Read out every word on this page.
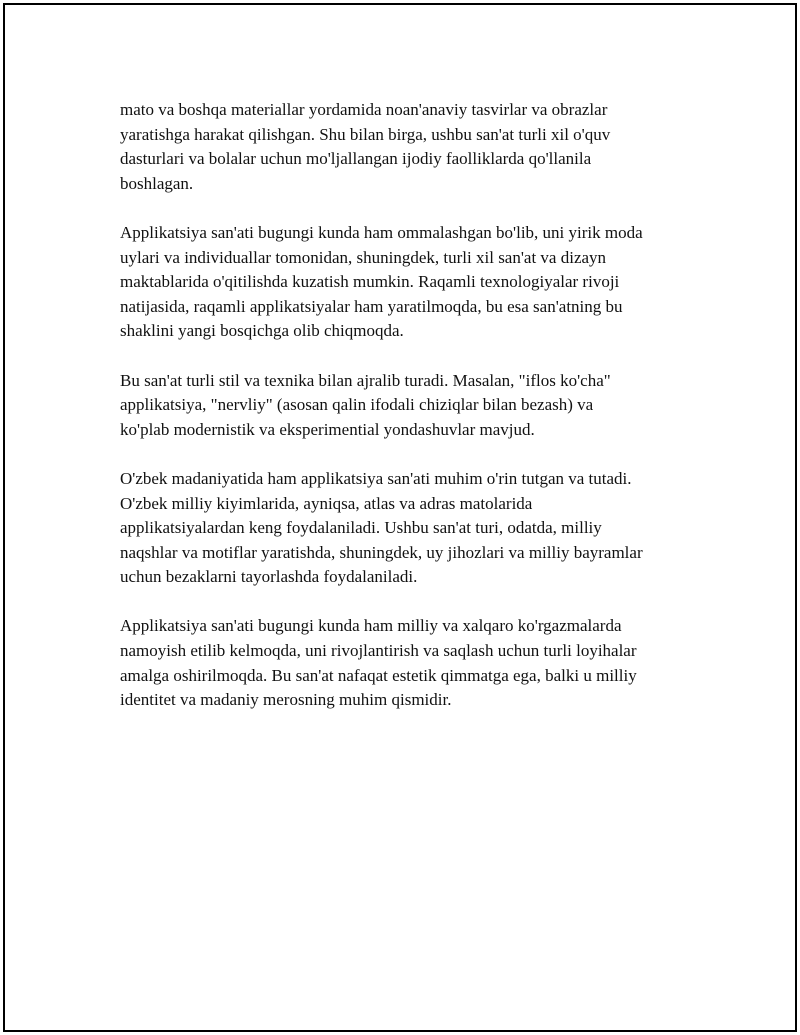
mato va boshqa materiallar yordamida noan'anaviy tasvirlar va obrazlar
yaratishga harakat qilishgan. Shu bilan birga, ushbu san'at turli xil o'quv
dasturlari va bolalar uchun mo'ljallangan ijodiy faolliklarda qo'llanila
boshlagan.

Applikatsiya san'ati bugungi kunda ham ommalashgan bo'lib, uni yirik moda
uylari va individuallar tomonidan, shuningdek, turli xil san'at va dizayn
maktablarida o'qitilishda kuzatish mumkin. Raqamli texnologiyalar rivoji
natijasida, raqamli applikatsiyalar ham yaratilmoqda, bu esa san'atning bu
shaklini yangi bosqichga olib chiqmoqda.

Bu san'at turli stil va texnika bilan ajralib turadi. Masalan, "iflos ko'cha"
applikatsiya, "nervliy" (asosan qalin ifodali chiziqlar bilan bezash) va
ko'plab modernistik va eksperimential yondashuvlar mavjud.

O'zbek madaniyatida ham applikatsiya san'ati muhim o'rin tutgan va tutadi.
O'zbek milliy kiyimlarida, ayniqsa, atlas va adras matolarida
applikatsiyalardan keng foydalaniladi. Ushbu san'at turi, odatda, milliy
naqshlar va motiflar yaratishda, shuningdek, uy jihozlari va milliy bayramlar
uchun bezaklarni tayorlashda foydalaniladi.

Applikatsiya san'ati bugungi kunda ham milliy va xalqaro ko'rgazmalarda
namoyish etilib kelmoqda, uni rivojlantirish va saqlash uchun turli loyihalar
amalga oshirilmoqda. Bu san'at nafaqat estetik qimmatga ega, balki u milliy
identitet va madaniy merosning muhim qismidir.
